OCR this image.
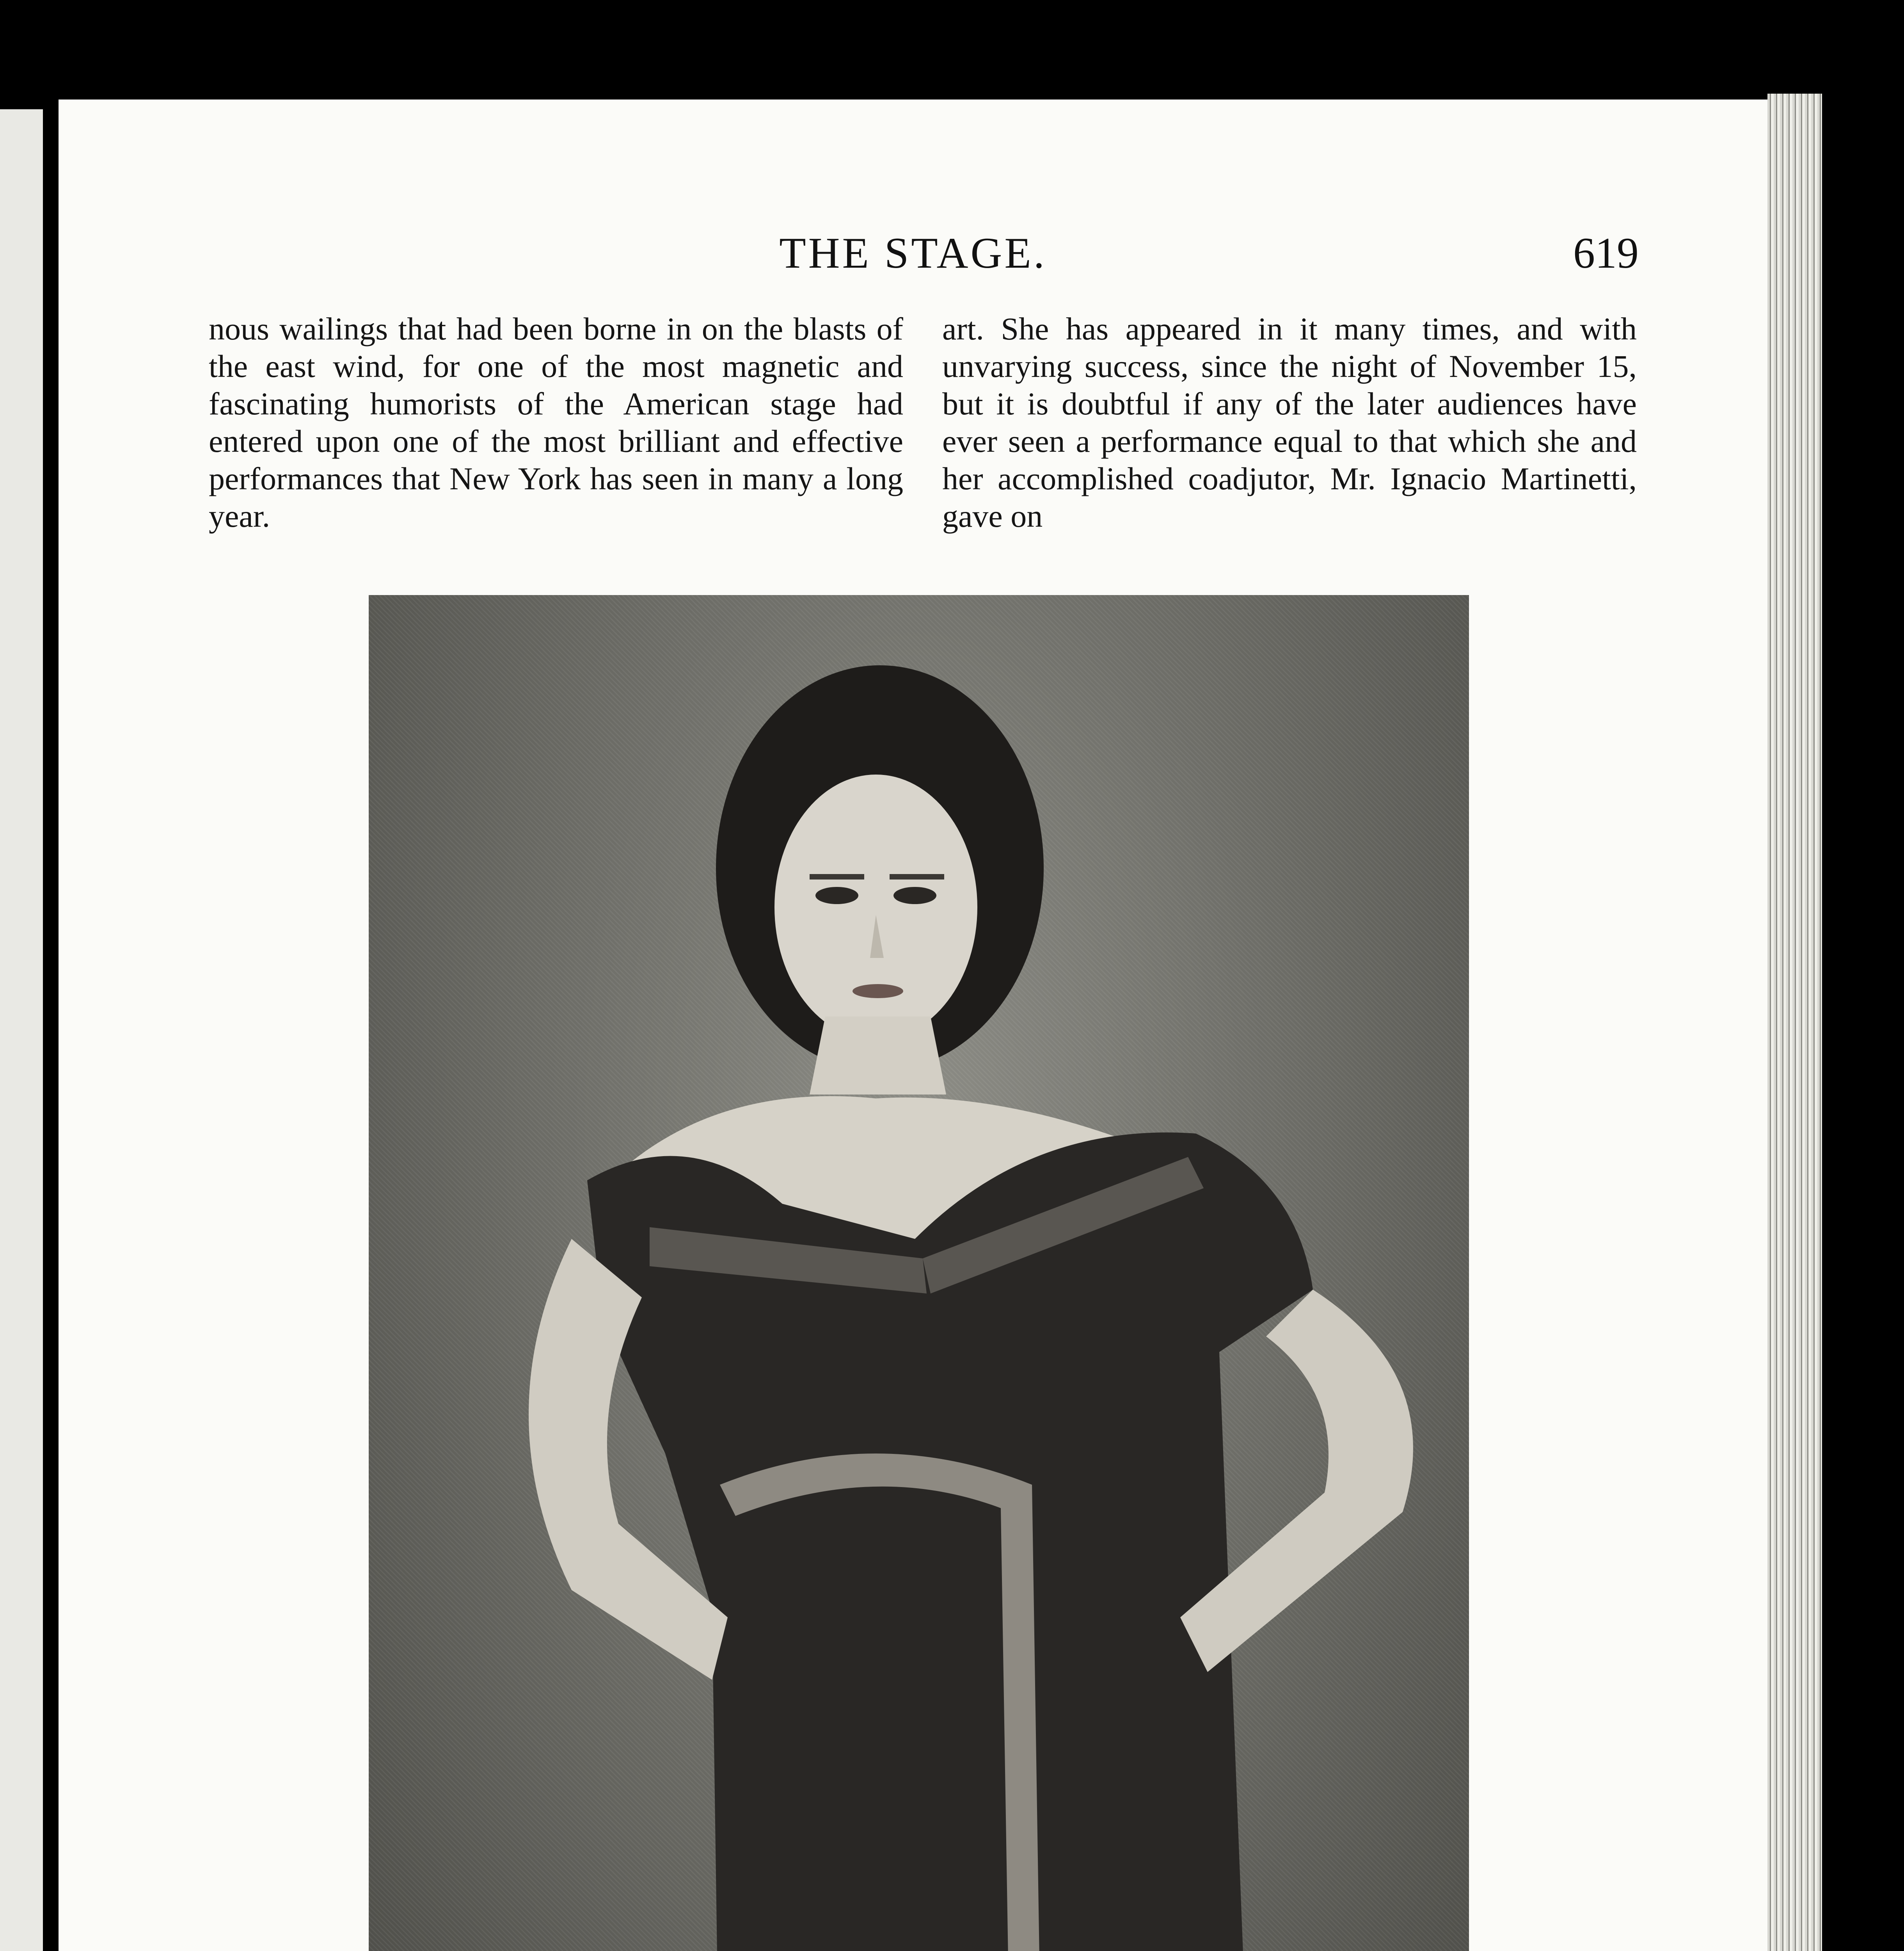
THE STAGE.	619

nous wailings that had been borne in on the blasts of the east wind, for one of the most magnetic and fascinating humorists of the American stage had entered upon one of the most brilliant and effective performances that New York has seen in many a long year.

art. She has appeared in it many times, and with unvarying success, since the night of November 15, but it is doubtful if any of the later audiences have ever seen a performance equal to that which she and her accomplished coadjutor, Mr. Ignacio Martinetti, gave on
